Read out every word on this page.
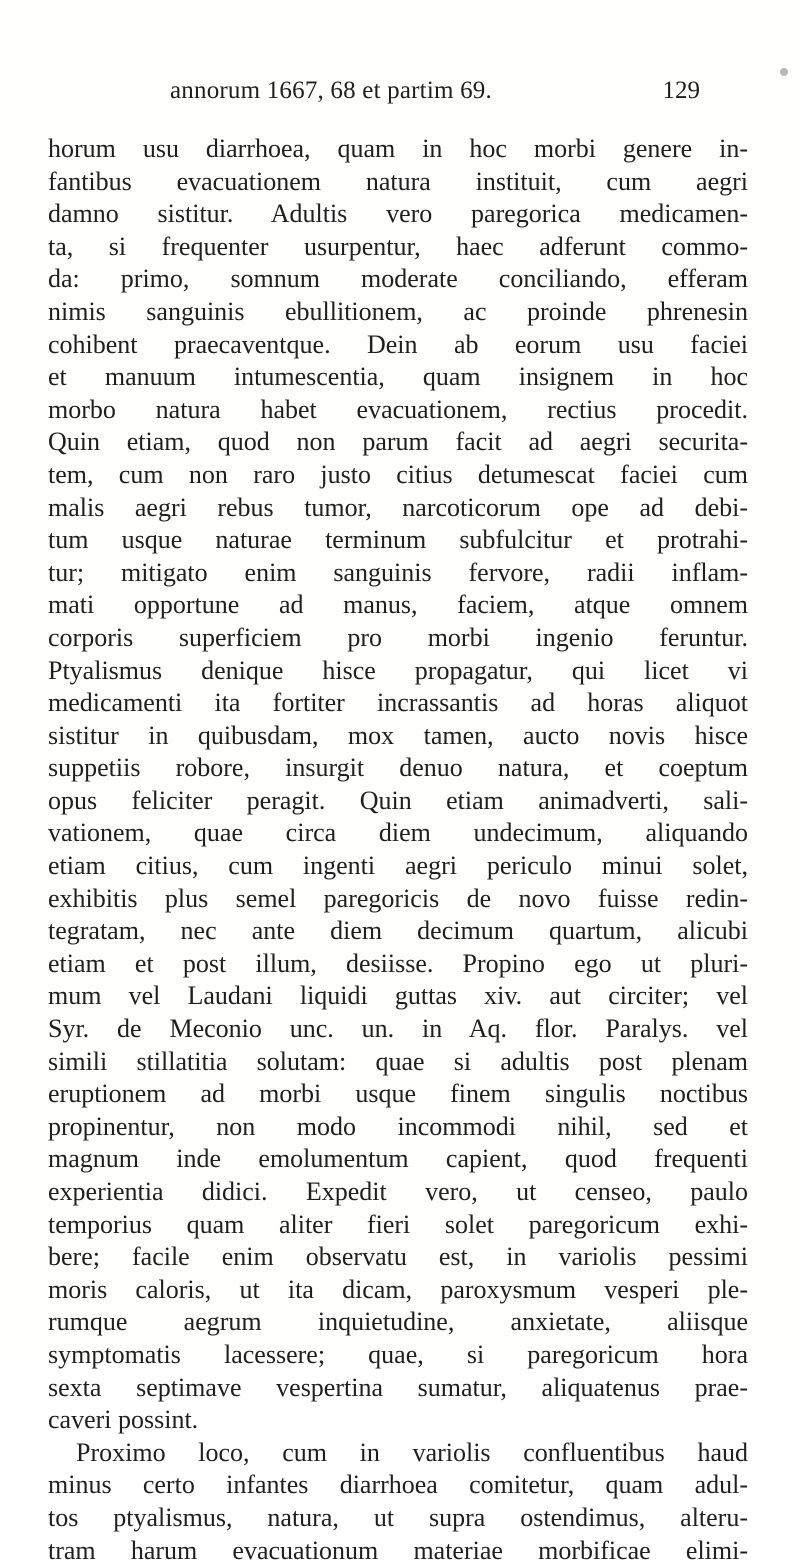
annorum 1667, 68 et partim 69.	129
horum usu diarrhoea, quam in hoc morbi genere in-
fantibus evacuationem natura instituit, cum aegri
damno sistitur. Adultis vero paregorica medicamen-
ta, si frequenter usurpentur, haec adferunt commo-
da: primo, somnum moderate conciliando, efferam
nimis sanguinis ebullitionem, ac proinde phrenesin
cohibent praecaventque. Dein ab eorum usu faciei
et manuum intumescentia, quam insignem in hoc
morbo natura habet evacuationem, rectius procedit.
Quin etiam, quod non parum facit ad aegri securita-
tem, cum non raro justo citius detumescat faciei cum
malis aegri rebus tumor, narcoticorum ope ad debi-
tum usque naturae terminum subfulcitur et protrahi-
tur; mitigato enim sanguinis fervore, radii inflam-
mati opportune ad manus, faciem, atque omnem
corporis superficiem pro morbi ingenio feruntur.
Ptyalismus denique hisce propagatur, qui licet vi
medicamenti ita fortiter incrassantis ad horas aliquot
sistitur in quibusdam, mox tamen, aucto novis hisce
suppetiis robore, insurgit denuo natura, et coeptum
opus feliciter peragit. Quin etiam animadverti, sali-
vationem, quae circa diem undecimum, aliquando
etiam citius, cum ingenti aegri periculo minui solet,
exhibitis plus semel paregoricis de novo fuisse redin-
tegratam, nec ante diem decimum quartum, alicubi
etiam et post illum, desiisse. Propino ego ut pluri-
mum vel Laudani liquidi guttas xiv. aut circiter; vel
Syr. de Meconio unc. un. in Aq. flor. Paralys. vel
simili stillatitia solutam: quae si adultis post plenam
eruptionem ad morbi usque finem singulis noctibus
propinentur, non modo incommodi nihil, sed et
magnum inde emolumentum capient, quod frequenti
experientia didici. Expedit vero, ut censeo, paulo
temporius quam aliter fieri solet paregoricum exhi-
bere; facile enim observatu est, in variolis pessimi
moris caloris, ut ita dicam, paroxysmum vesperi ple-
rumque aegrum inquietudine, anxietate, aliisque
symptomatis lacessere; quae, si paregoricum hora
sexta septimave vespertina sumatur, aliquatenus prae-
caveri possint.
Proximo loco, cum in variolis confluentibus haud
minus certo infantes diarrhoea comitetur, quam adul-
tos ptyalismus, natura, ut supra ostendimus, alteru-
tram harum evacuationum materiae morbificae elimi-
